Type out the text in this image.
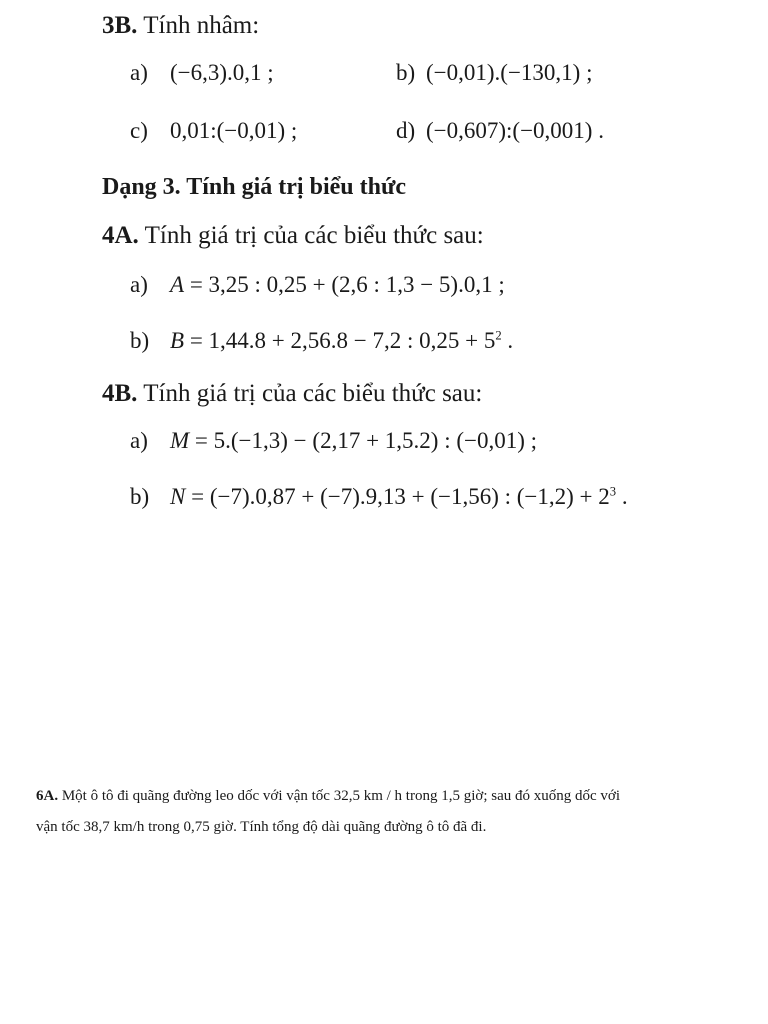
3B. Tính nhâm:
a) (−6,3).0,1 ;	b) (−0,01).(−130,1) ;
c) 0,01:(−0,01) ;	d) (−0,607):(−0,001) .
Dạng 3. Tính giá trị biểu thức
4A. Tính giá trị của các biểu thức sau:
a) A = 3,25 : 0,25 + (2,6 : 1,3 − 5).0,1 ;
b) B = 1,44.8 + 2,56.8 − 7,2 : $0,25 + 5^2$ .
4B. Tính giá trị của các biểu thức sau:
a) M = 5.(−1,3) − (2,17 + 1,5.2) : (−0,01) ;
b) N = (−7).0,87 + (−7).9,13 + (−1,56) : $(-1,2) + 2^3$ .
6A. Một ô tô đi quãng đường leo dốc với vận tốc 32,5 km / h trong 1,5 giờ; sau đó xuống dốc với
vận tốc 38,7 km/h trong 0,75 giờ. Tính tổng độ dài quãng đường ô tô đã đi.
